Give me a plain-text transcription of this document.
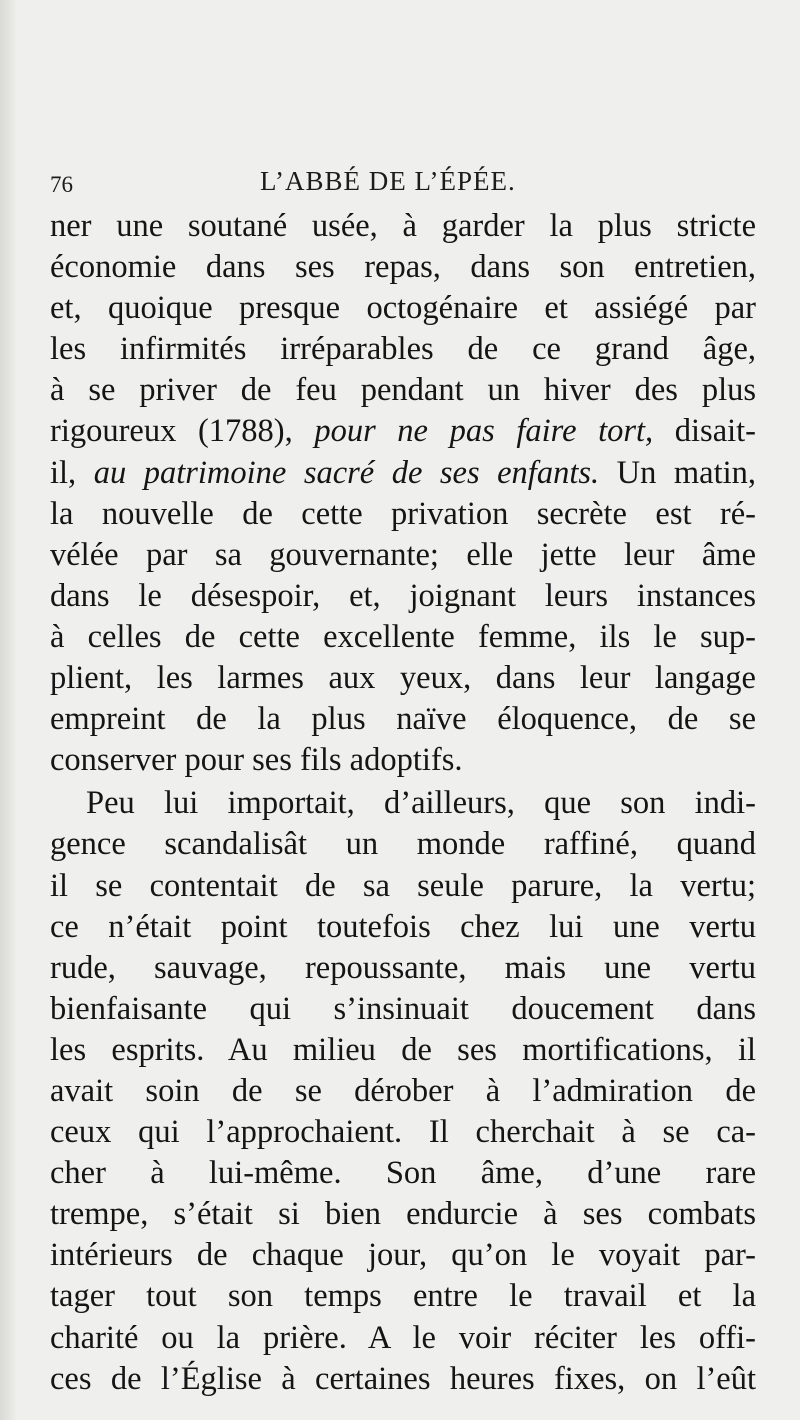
76	L’ABBÉ DE L’ÉPÉE.
ner une soutané usée, à garder la plus stricte
économie dans ses repas, dans son entretien,
et, quoique presque octogénaire et assiégé par
les infirmités irréparables de ce grand âge,
à se priver de feu pendant un hiver des plus
rigoureux (1788), pour ne pas faire tort, disait-
il, au patrimoine sacré de ses enfants. Un matin,
la nouvelle de cette privation secrète est ré-
vélée par sa gouvernante; elle jette leur âme
dans le désespoir, et, joignant leurs instances
à celles de cette excellente femme, ils le sup-
plient, les larmes aux yeux, dans leur langage
empreint de la plus naïve éloquence, de se
conserver pour ses fils adoptifs.
Peu lui importait, d’ailleurs, que son indi-
gence scandalisât un monde raffiné, quand
il se contentait de sa seule parure, la vertu;
ce n’était point toutefois chez lui une vertu
rude, sauvage, repoussante, mais une vertu
bienfaisante qui s’insinuait doucement dans
les esprits. Au milieu de ses mortifications, il
avait soin de se dérober à l’admiration de
ceux qui l’approchaient. Il cherchait à se ca-
cher à lui-même. Son âme, d’une rare
trempe, s’était si bien endurcie à ses combats
intérieurs de chaque jour, qu’on le voyait par-
tager tout son temps entre le travail et la
charité ou la prière. A le voir réciter les offi-
ces de l’Église à certaines heures fixes, on l’eût
